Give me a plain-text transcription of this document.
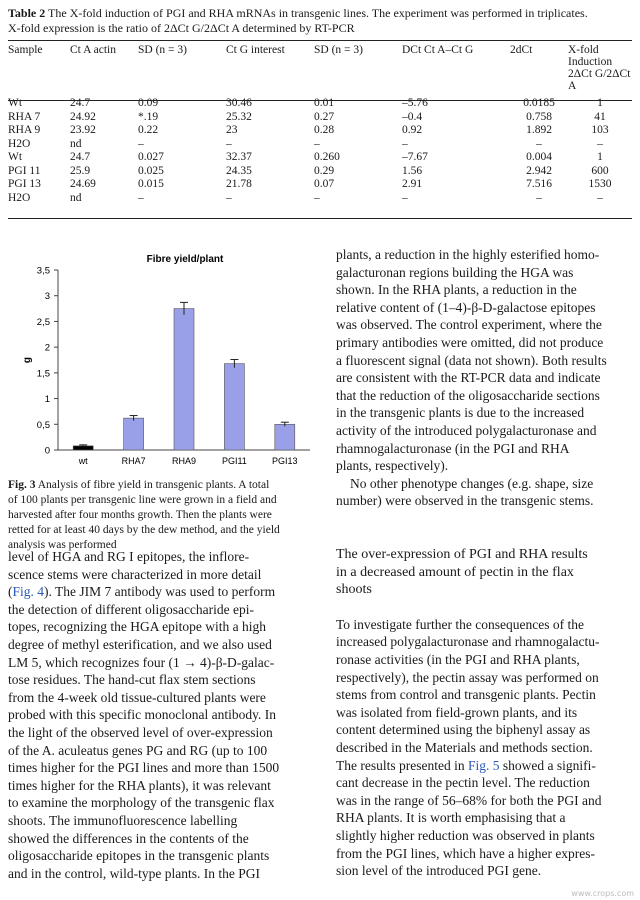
Table 2 The X-fold induction of PGI and RHA mRNAs in transgenic lines. The experiment was performed in triplicates.
X-fold expression is the ratio of 2ΔCt G/2ΔCt A determined by RT-PCR
Sample	Ct A actin	SD (n = 3)	Ct G interest	SD (n = 3)	DCt Ct A–Ct G	2dCt	X-fold Induction 2ΔCt G/2ΔCt A
Wt	24.7	0.09	30.46	0.01	–5.76	0.0185	1
RHA 7	24.92	*.19	25.32	0.27	–0.4	0.758	41
RHA 9	23.92	0.22	23	0.28	0.92	1.892	103
H2O	nd	–	–	–	–	–	–
Wt	24.7	0.027	32.37	0.260	–7.67	0.004	1
PGI 11	25.9	0.025	24.35	0.29	1.56	2.942	600
PGI 13	24.69	0.015	21.78	0.07	2.91	7.516	1530
H2O	nd	–	–	–	–	–	–
Fibre yield/plant
0
0,5
1
1,5
2
2,5
3
3,5
g
wt	RHA7	RHA9	PGI11	PGI13
Fig. 3 Analysis of fibre yield in transgenic plants. A total
of 100 plants per transgenic line were grown in a field and
harvested after four months growth. Then the plants were
retted for at least 40 days by the dew method, and the yield
analysis was performed

plants, a reduction in the highly esterified homo-

galacturonan regions building the HGA was

shown. In the RHA plants, a reduction in the

relative content of (1–4)-β-D-galactose epitopes

was observed. The control experiment, where the

primary antibodies were omitted, did not produce

a fluorescent signal (data not shown). Both results

are consistent with the RT-PCR data and indicate

that the reduction of the oligosaccharide sections

in the transgenic plants is due to the increased

activity of the introduced polygalacturonase and

rhamnogalacturonase (in the PGI and RHA

plants, respectively).

No other phenotype changes (e.g. shape, size

number) were observed in the transgenic stems.

level of HGA and RG I epitopes, the inflore-

scence stems were characterized in more detail

(Fig. 4). The JIM 7 antibody was used to perform

the detection of different oligosaccharide epi-

topes, recognizing the HGA epitope with a high

degree of methyl esterification, and we also used

LM 5, which recognizes four (1 → 4)-β-D-galac-

tose residues. The hand-cut flax stem sections

from the 4-week old tissue-cultured plants were

probed with this specific monoclonal antibody. In

the light of the observed level of over-expression

of the A. aculeatus genes PG and RG (up to 100

times higher for the PGI lines and more than 1500

times higher for the RHA plants), it was relevant

to examine the morphology of the transgenic flax

shoots. The immunofluorescence labelling

showed the differences in the contents of the

oligosaccharide epitopes in the transgenic plants

and in the control, wild-type plants. In the PGI

The over-expression of PGI and RHA results

in a decreased amount of pectin in the flax

shoots

To investigate further the consequences of the

increased polygalacturonase and rhamnogalactu-

ronase activities (in the PGI and RHA plants,

respectively), the pectin assay was performed on

stems from control and transgenic plants. Pectin

was isolated from field-grown plants, and its

content determined using the biphenyl assay as

described in the Materials and methods section.

The results presented in Fig. 5 showed a signifi-

cant decrease in the pectin level. The reduction

was in the range of 56–68% for both the PGI and

RHA plants. It is worth emphasising that a

slightly higher reduction was observed in plants

from the PGI lines, which have a higher expres-

sion level of the introduced PGI gene.

www.crops.com
